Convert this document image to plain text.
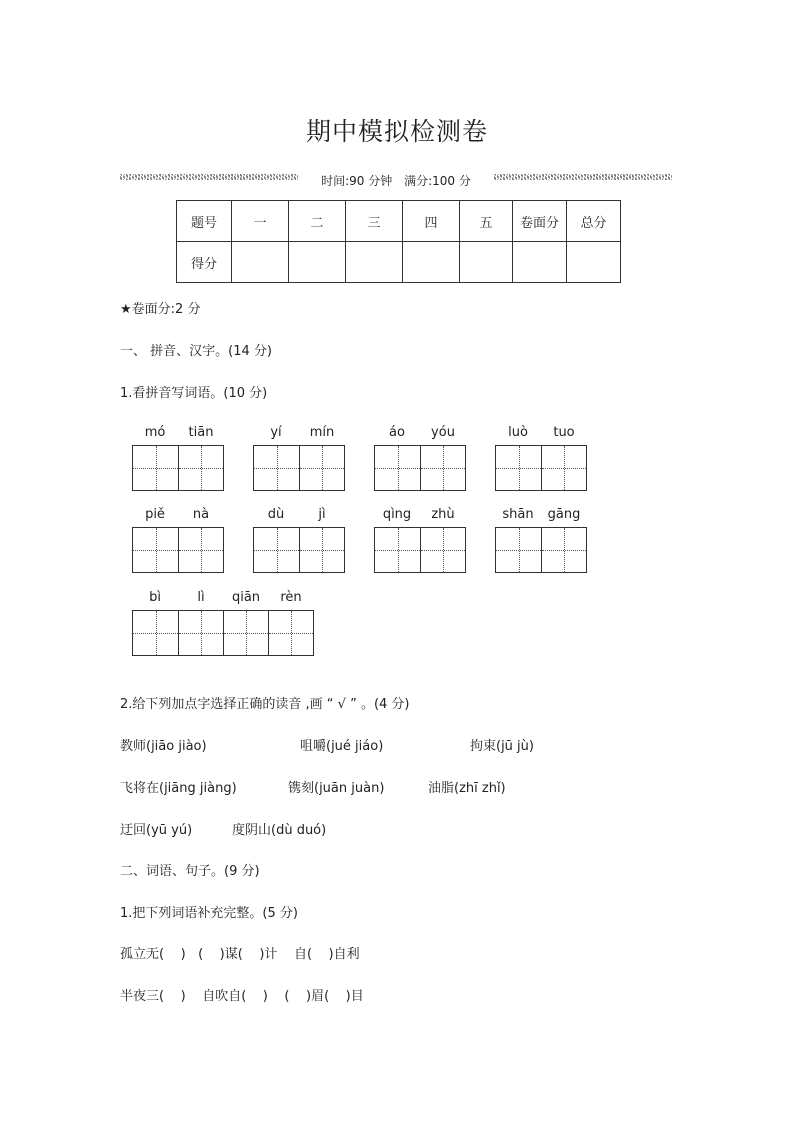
期中模拟检测卷
时间:90 分钟 满分:100 分
题号	一	二	三	四	五	卷面分	总分
得分							
★卷面分:2 分
一、 拼音、汉字。(14 分)
1.看拼音写词语。(10 分)
mó	tiān	yí	mín	áo	yóu	luò	tuo
piě	nà	dù	jì	qìng	zhù	shān	gāng
bì	lì	qiān	rèn
2.给下列加点字选择正确的读音 ,画 “ √ ” 。(4 分)
教师(jiāo jiào)	咀嚼(jué jiáo)	拘束(jū jù)
飞将在(jiāng jiàng)	镌刻(juān juàn)	油脂(zhī zhǐ)
迂回(yū yú)	度阴山(dù duó)
二、词语、句子。(9 分)
1.把下列词语补充完整。(5 分)
孤立无(    )   (    )谋(    )计    自(    )自利
半夜三(    )    自吹自(    )    (    )眉(    )目
